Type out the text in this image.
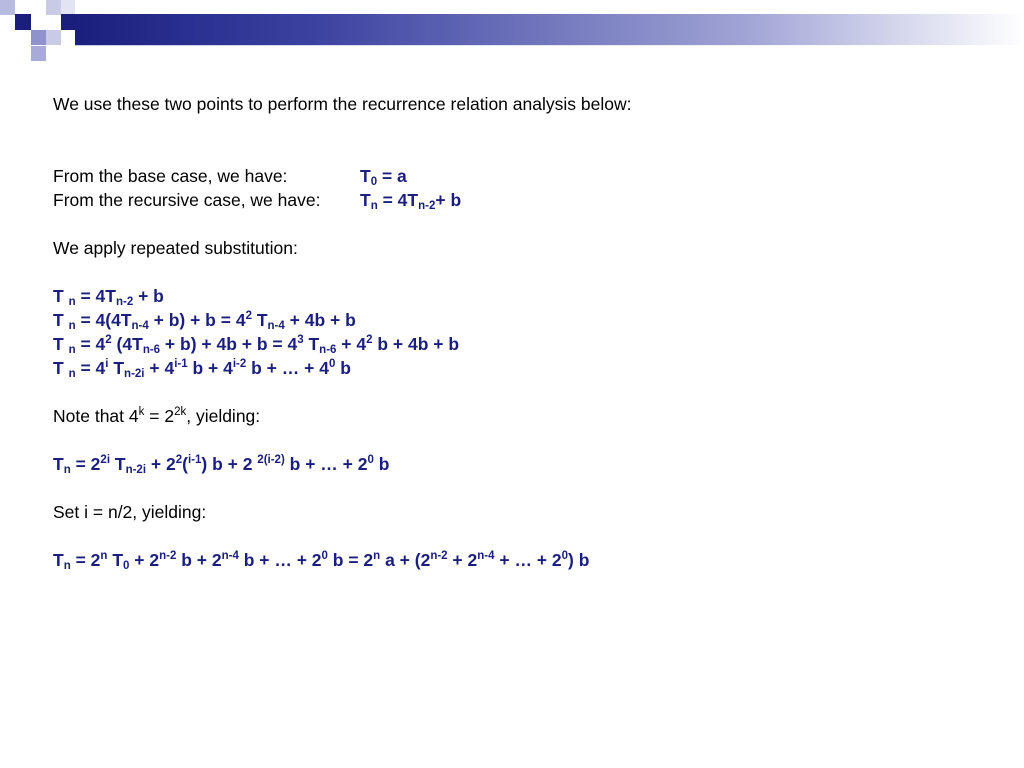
We use these two points to perform the recurrence relation analysis below:
From the base case, we have:	$T_0 = a$
From the recursive case, we have: $T_n = 4T_{n-2}+ b$
We apply repeated substitution:
T $_n = 4T_{n-2} + b$
T $_n = 4(4T_{n-4} + b) + b = 4^2$ $T_{n-4} + 4b + b$
T $_n = 4^2$ $(4T_{n-6} + b) + 4b + b = 4^3$ $T_{n-6} + 4^2$ b + 4b + b
T $_n = 4^i$ $T_{n-2i} + 4^{i-1}$ $b + 4^{i-2}$ b + … + $4^0$ b
Note that $4^k = 2^{2k}$, yielding:
$T_n = 2^{2i}$ $T_{n-2i} + 2^2(^{i-1}) b + 2$ $^{2(i-2)}$ b + … + $2^0$ b
Set i = n/2, yielding:
$T_n = 2^n$ $T_0 + 2^{n-2}$ $b + 2^{n-4}$ b + … + $2^0$ $b = 2^n$ $a + (2^{n-2} + 2^{n-4}$ + … + $2^0$) b
